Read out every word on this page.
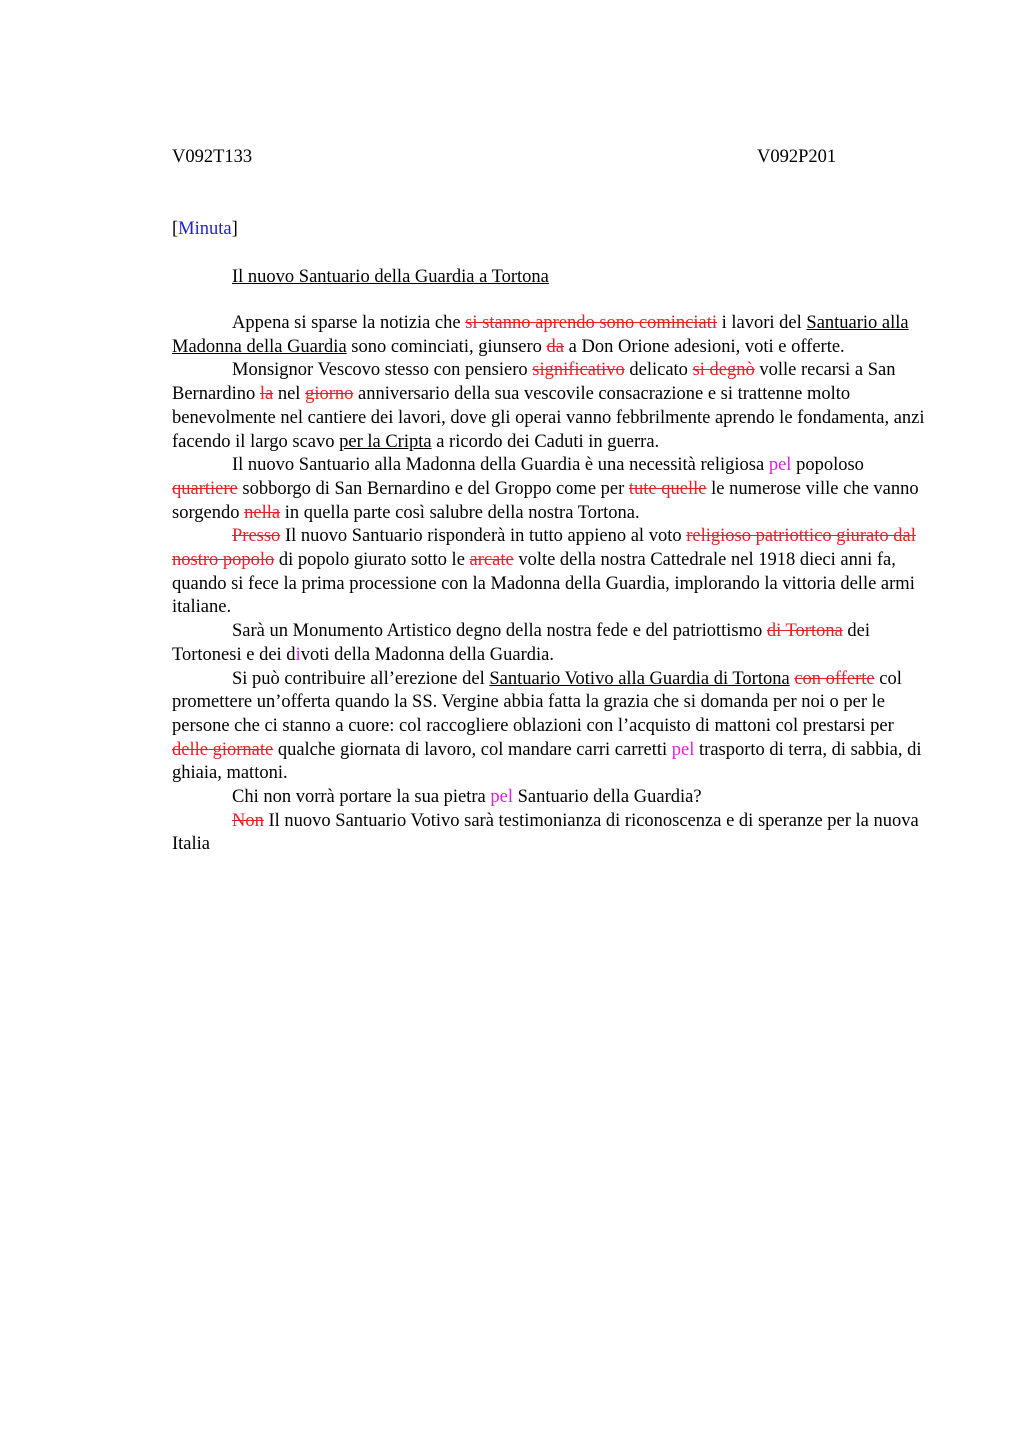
V092T133	V092P201
[Minuta]
Il nuovo Santuario della Guardia a Tortona

Appena si sparse la notizia che si stanno aprendo sono cominciati i lavori del Santuario alla Madonna della Guardia sono cominciati, giunsero da a Don Orione adesioni, voti e offerte.

Monsignor Vescovo stesso con pensiero significativo delicato si degnò volle recarsi a San Bernardino la nel giorno anniversario della sua vescovile consacrazione e si trattenne molto benevolmente nel cantiere dei lavori, dove gli operai vanno febbrilmente aprendo le fondamenta, anzi facendo il largo scavo per la Cripta a ricordo dei Caduti in guerra.

Il nuovo Santuario alla Madonna della Guardia è una necessità religiosa pel popoloso quartiere sobborgo di San Bernardino e del Groppo come per tute quelle le numerose ville che vanno sorgendo nella in quella parte così salubre della nostra Tortona.

Presso Il nuovo Santuario risponderà in tutto appieno al voto religioso patriottico giurato dal nostro popolo di popolo giurato sotto le arcate volte della nostra Cattedrale nel 1918 dieci anni fa, quando si fece la prima processione con la Madonna della Guardia, implorando la vittoria delle armi italiane.

Sarà un Monumento Artistico degno della nostra fede e del patriottismo di Tortona dei Tortonesi e dei divoti della Madonna della Guardia.

Si può contribuire all’erezione del Santuario Votivo alla Guardia di Tortona con offerte col promettere un’offerta quando la SS. Vergine abbia fatta la grazia che si domanda per noi o per le persone che ci stanno a cuore: col raccogliere oblazioni con l’acquisto di mattoni col prestarsi per delle giornate qualche giornata di lavoro, col mandare carri carretti pel trasporto di terra, di sabbia, di ghiaia, mattoni.

Chi non vorrà portare la sua pietra pel Santuario della Guardia?

Non Il nuovo Santuario Votivo sarà testimonianza di riconoscenza e di speranze per la nuova Italia
